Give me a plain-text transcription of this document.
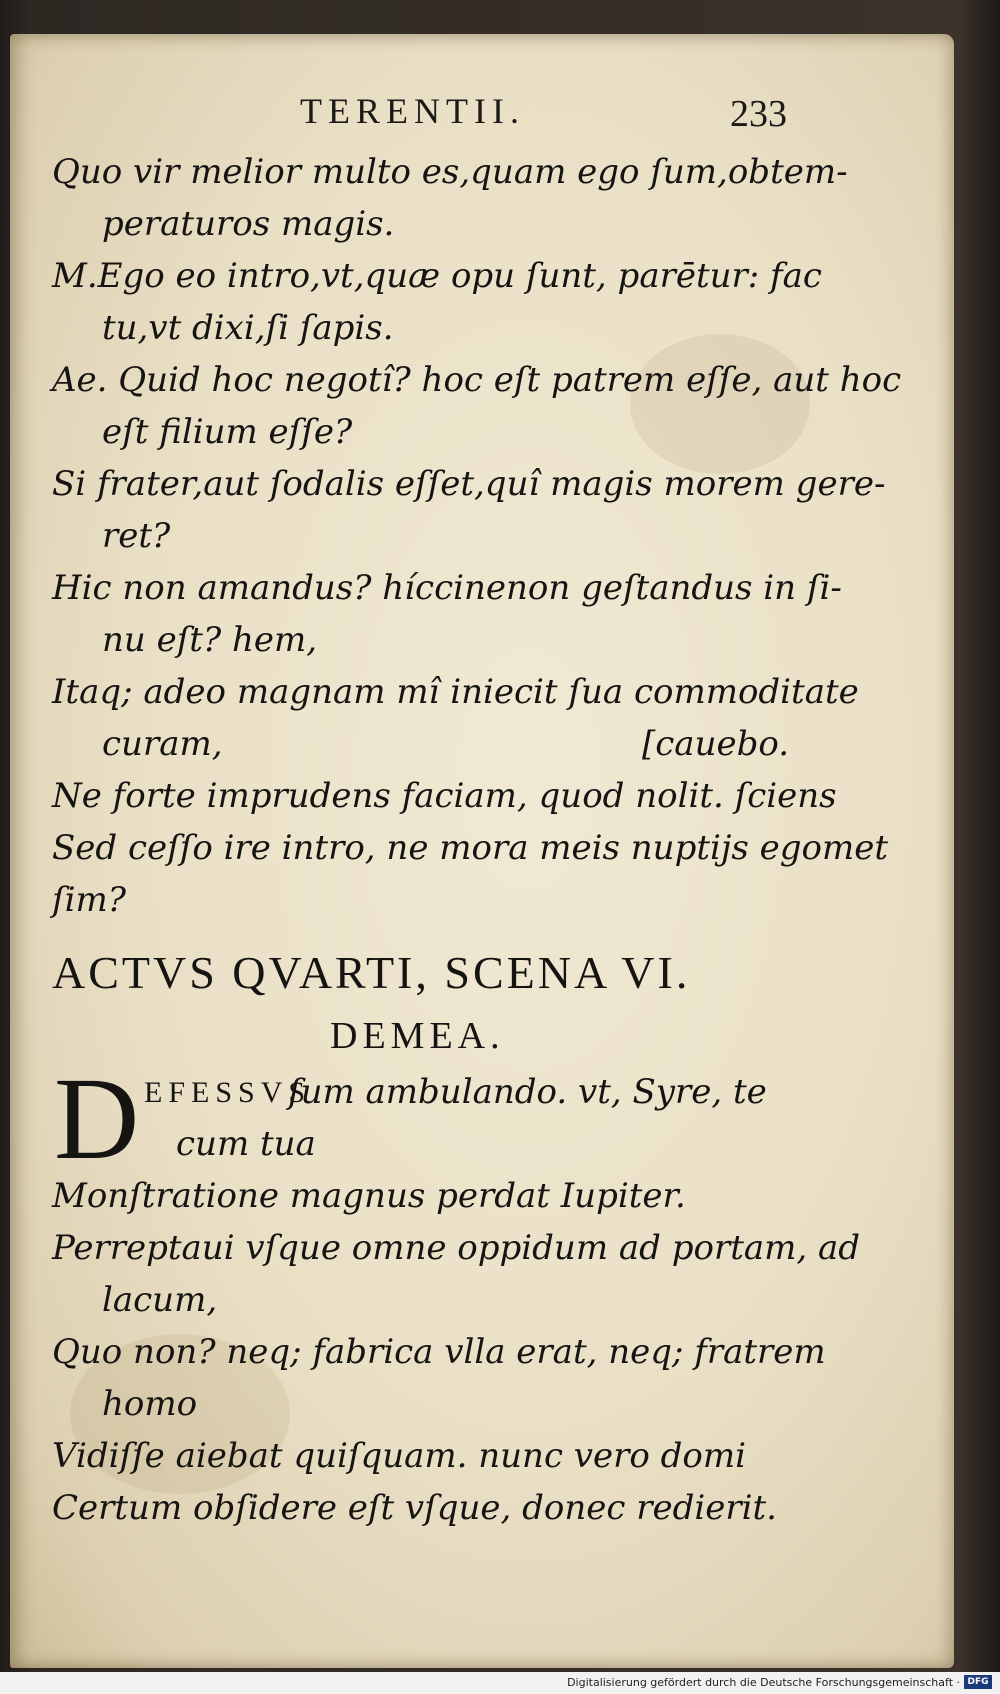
TERENTII.	233
Quo vir melior multo es,quam ego ſum,obtem-
peraturos magis.
M.Ego eo intro,vt,quæ opu ſunt, parētur: fac
tu,vt dixi,ſi ſapis.
Ae. Quid hoc negotî? hoc eſt patrem eſſe, aut hoc
eſt filium eſſe?
Si frater,aut ſodalis eſſet,quî magis morem gere-
ret?
Hic non amandus? híccinenon geſtandus in ſi-
nu eſt? hem,
Itaq; adeo magnam mî iniecit ſua commoditate
curam,	[cauebo.
Ne forte imprudens faciam, quod nolit. ſciens
Sed ceſſo ire intro, ne mora meis nuptijs egomet
ſim?
ACTVS QVARTI, SCENA VI.
DEMEA.
D EFESSVS
ſum ambulando. vt, Syre, te
cum tua
Monſtratione magnus perdat Iupiter.
Perreptaui vſque omne oppidum ad portam, ad
lacum,
Quo non? neq; fabrica vlla erat, neq; fratrem
homo
Vidiſſe aiebat quiſquam. nunc vero domi
Certum obſidere eſt vſque, donec redierit.
Digitalisierung gefördert durch die Deutsche Forschungsgemeinschaft · DFG
